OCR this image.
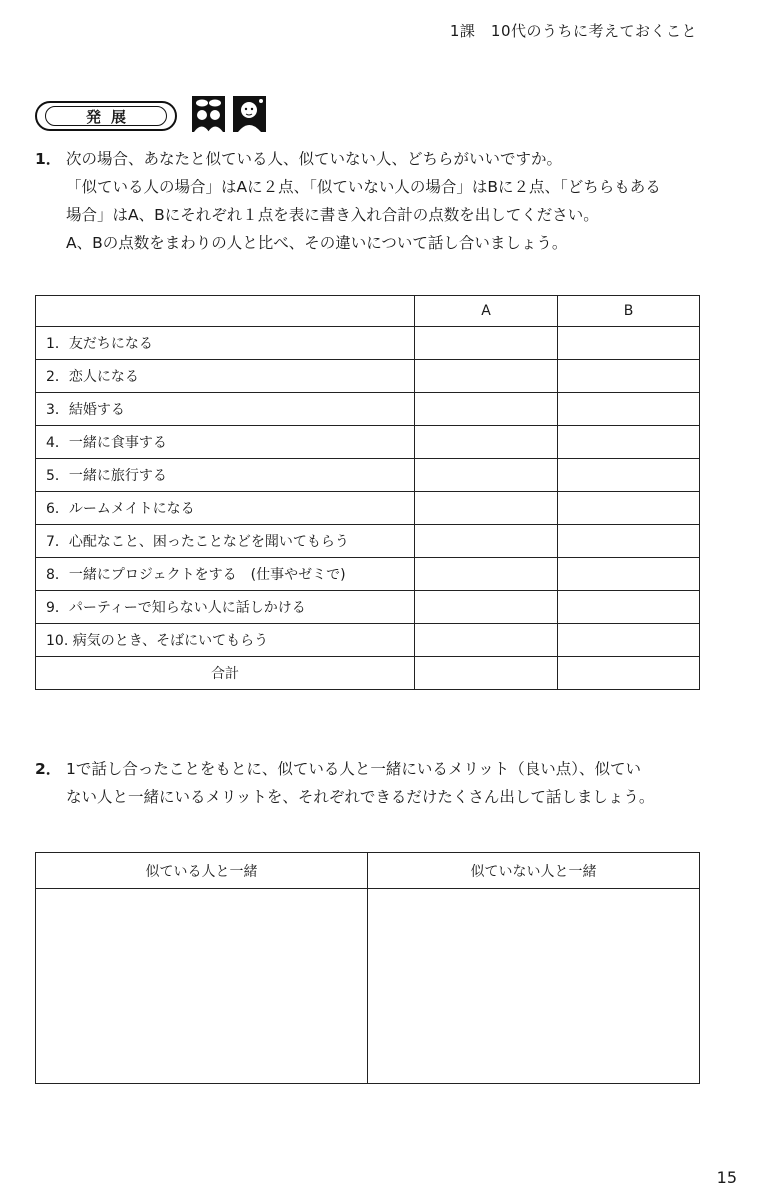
1課　10代のうちに考えておくこと
発展
1． 次の場合、あなたと似ている人、似ていない人、どちらがいいですか。
「似ている人の場合」はAに２点、「似ていない人の場合」はBに２点、「どちらもある
場合」はA、Bにそれぞれ１点を表に書き入れ合計の点数を出してください。
A、Bの点数をまわりの人と比べ、その違いについて話し合いましょう。
	A	B
1．友だちになる		
2．恋人になる		
3．結婚する		
4．一緒に食事する		
5．一緒に旅行する		
6．ルームメイトになる		
7．心配なこと、困ったことなどを聞いてもらう		
8．一緒にプロジェクトをする　(仕事やゼミで)		
9．パーティーで知らない人に話しかける		
10. 病気のとき、そばにいてもらう		
合計		
2． 1で話し合ったことをもとに、似ている人と一緒にいるメリット（良い点）、似てい
ない人と一緒にいるメリットを、それぞれできるだけたくさん出して話しましょう。
似ている人と一緒	似ていない人と一緒

15
